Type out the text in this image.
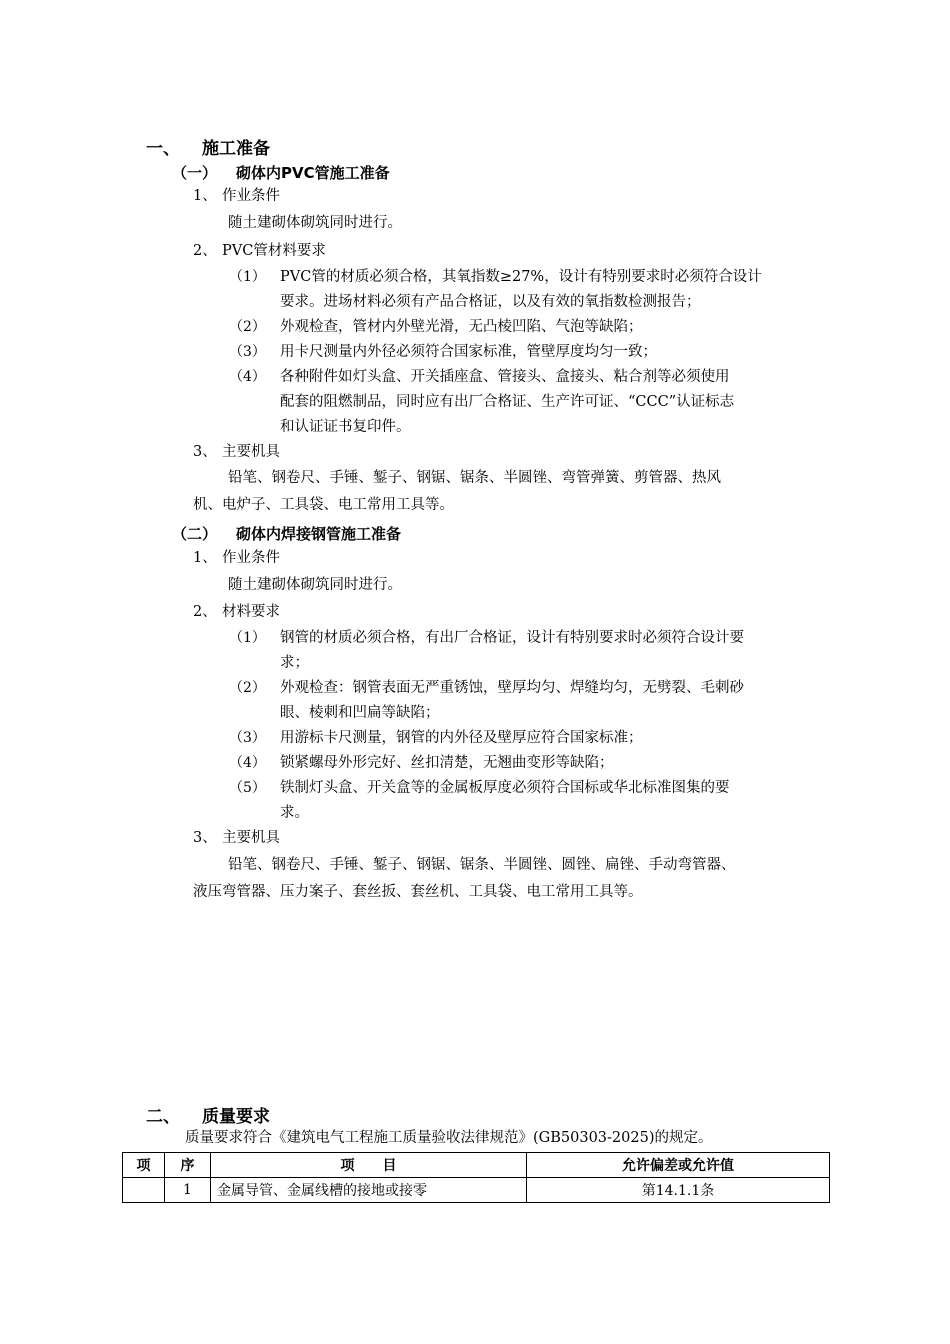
一、 施工准备
（一） 砌体内PVC管施工准备
1、 作业条件
随土建砌体砌筑同时进行。
2、 PVC管材料要求
（1） PVC管的材质必须合格，其氧指数≥27%，设计有特别要求时必须符合设计
要求。进场材料必须有产品合格证，以及有效的氧指数检测报告；
（2） 外观检查，管材内外壁光滑，无凸棱凹陷、气泡等缺陷；
（3） 用卡尺测量内外径必须符合国家标准，管壁厚度均匀一致；
（4） 各种附件如灯头盒、开关插座盒、管接头、盒接头、粘合剂等必须使用
配套的阻燃制品，同时应有出厂合格证、生产许可证、“CCC”认证标志
和认证证书复印件。
3、 主要机具
铅笔、钢卷尺、手锤、錾子、钢锯、锯条、半圆锉、弯管弹簧、剪管器、热风
机、电炉子、工具袋、电工常用工具等。
（二） 砌体内焊接钢管施工准备
1、 作业条件
随土建砌体砌筑同时进行。
2、 材料要求
（1） 钢管的材质必须合格，有出厂合格证，设计有特别要求时必须符合设计要
求；
（2） 外观检查：钢管表面无严重锈蚀，壁厚均匀、焊缝均匀，无劈裂、毛刺砂
眼、棱刺和凹扁等缺陷；
（3） 用游标卡尺测量，钢管的内外径及壁厚应符合国家标准；
（4） 锁紧螺母外形完好、丝扣清楚，无翘曲变形等缺陷；
（5） 铁制灯头盒、开关盒等的金属板厚度必须符合国标或华北标准图集的要
求。
3、 主要机具
铅笔、钢卷尺、手锤、錾子、钢锯、锯条、半圆锉、圆锉、扁锉、手动弯管器、
液压弯管器、压力案子、套丝扳、套丝机、工具袋、电工常用工具等。
二、 质量要求
质量要求符合《建筑电气工程施工质量验收法律规范》(GB50303-2025)的规定。
项	序	项　　目	允许偏差或允许值
	1	金属导管、金属线槽的接地或接零	第14.1.1条
